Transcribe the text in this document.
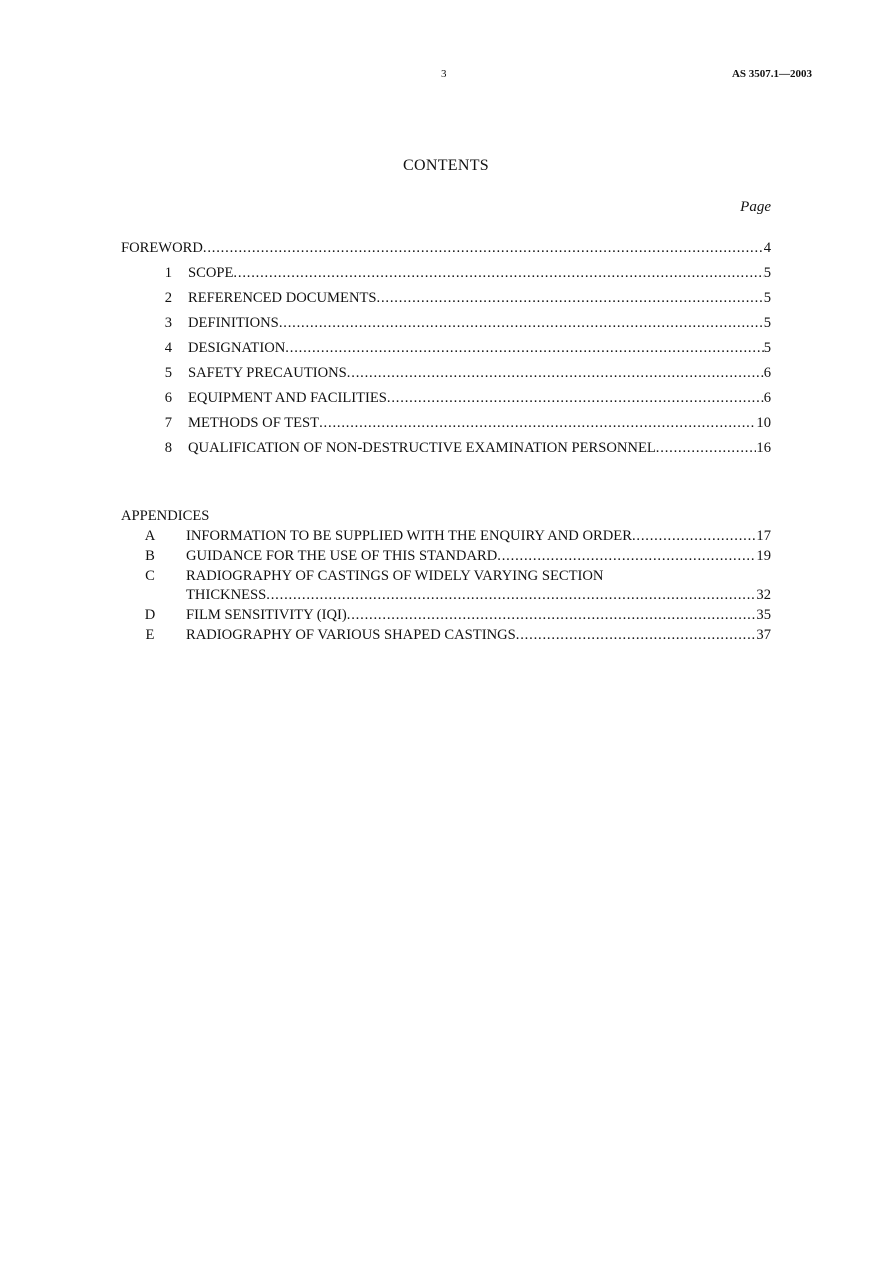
3	AS 3507.1—2003
CONTENTS
Page
FOREWORD .....	4
1 SCOPE .....	5
2 REFERENCED DOCUMENTS .....	5
3 DEFINITIONS .....	5
4 DESIGNATION .....	5
5 SAFETY PRECAUTIONS .....	6
6 EQUIPMENT AND FACILITIES .....	6
7 METHODS OF TEST .....	10
8 QUALIFICATION OF NON-DESTRUCTIVE EXAMINATION PERSONNEL .....	16
APPENDICES
A	INFORMATION TO BE SUPPLIED WITH THE ENQUIRY AND ORDER .....	17
B	GUIDANCE FOR THE USE OF THIS STANDARD .....	19
C	RADIOGRAPHY OF CASTINGS OF WIDELY VARYING SECTION
THICKNESS .....	32
D	FILM SENSITIVITY (IQI) .....	35
E	RADIOGRAPHY OF VARIOUS SHAPED CASTINGS .....	37
